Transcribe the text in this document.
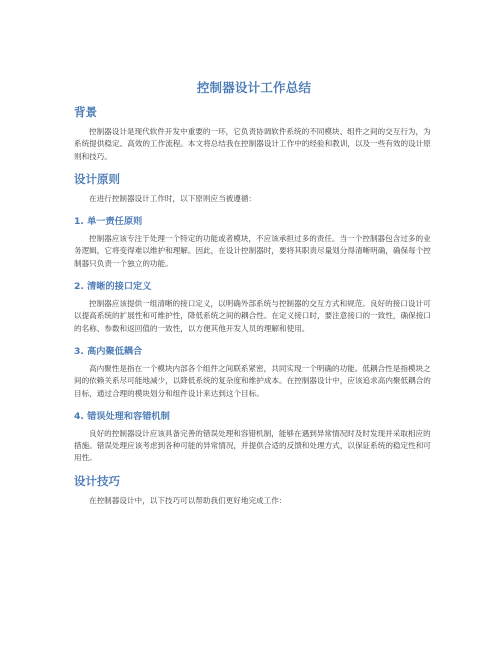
控制器设计工作总结
背景

控制器设计是现代软件开发中重要的一环，它负责协调软件系统的不同模块、组件之间的交互行为，为系统提供稳定、高效的工作流程。本文将总结我在控制器设计工作中的经验和教训，以及一些有效的设计原则和技巧。

设计原则

在进行控制器设计工作时，以下原则应当被遵循：

1. 单一责任原则

控制器应该专注于处理一个特定的功能或者模块，不应该承担过多的责任。当一个控制器包含过多的业务逻辑，它将变得难以维护和理解。因此，在设计控制器时，要将其职责尽量划分得清晰明确，确保每个控制器只负责一个独立的功能。

2. 清晰的接口定义

控制器应该提供一组清晰的接口定义，以明确外部系统与控制器的交互方式和规范。良好的接口设计可以提高系统的扩展性和可维护性，降低系统之间的耦合性。在定义接口时，要注意接口的一致性，确保接口的名称、参数和返回值的一致性，以方便其他开发人员的理解和使用。

3. 高内聚低耦合

高内聚性是指在一个模块内部各个组件之间联系紧密，共同实现一个明确的功能。低耦合性是指模块之间的依赖关系尽可能地减少，以降低系统的复杂度和维护成本。在控制器设计中，应该追求高内聚低耦合的目标，通过合理的模块划分和组件设计来达到这个目标。

4. 错误处理和容错机制

良好的控制器设计应该具备完善的错误处理和容错机制，能够在遇到异常情况时及时发现并采取相应的措施。错误处理应该考虑到各种可能的异常情况，并提供合适的反馈和处理方式，以保证系统的稳定性和可用性。

设计技巧

在控制器设计中，以下技巧可以帮助我们更好地完成工作：
